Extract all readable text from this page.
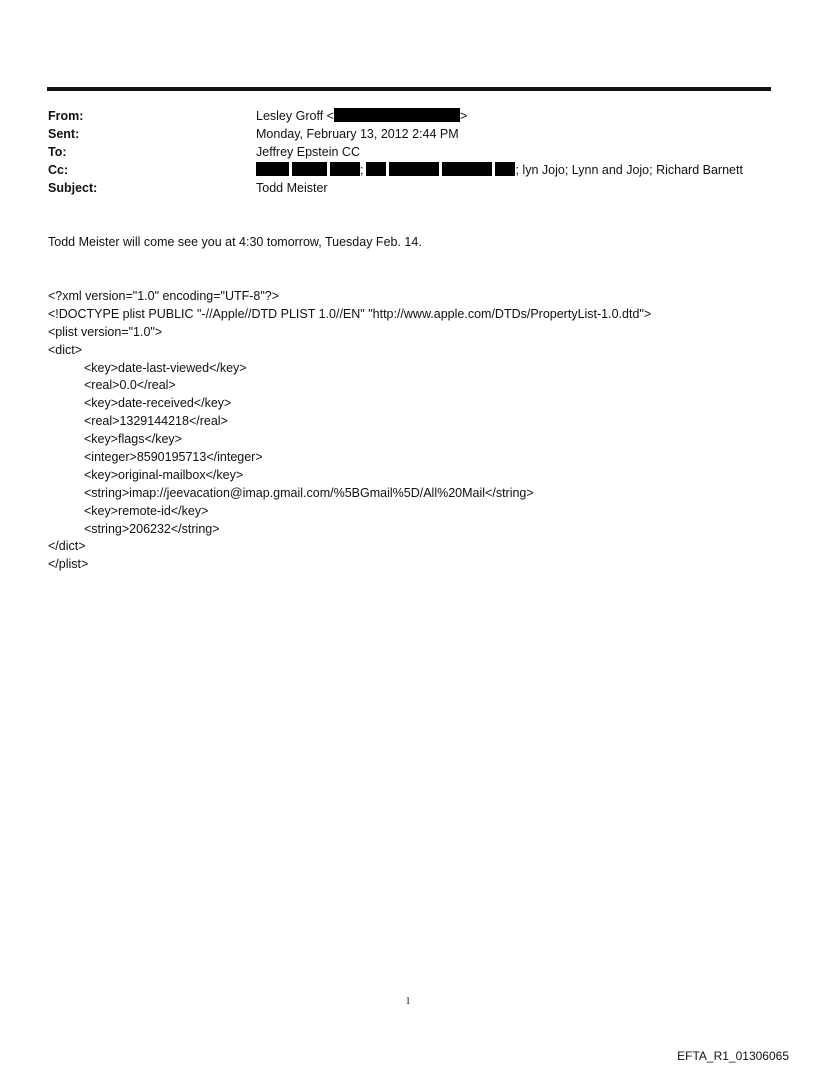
From:	Lesley Groff <	>
Sent:	Monday, February 13, 2012 2:44 PM
To:	Jeffrey Epstein CC
Cc:	;	; lyn Jojo; Lynn and Jojo; Richard Barnett
Subject:	Todd Meister
Todd Meister will come see you at 4:30 tomorrow, Tuesday Feb. 14.
<?xml version="1.0" encoding="UTF-8"?>
<!DOCTYPE plist PUBLIC "-//Apple//DTD PLIST 1.0//EN" "http://www.apple.com/DTDs/PropertyList-1.0.dtd">
<plist version="1.0">
<dict>
<key>date-last-viewed</key>
<real>0.0</real>
<key>date-received</key>
<real>1329144218</real>
<key>flags</key>
<integer>8590195713</integer>
<key>original-mailbox</key>
<string>imap://jeevacation@imap.gmail.com/%5BGmail%5D/All%20Mail</string>
<key>remote-id</key>
<string>206232</string>
</dict>
</plist>
1
EFTA_R1_01306065
